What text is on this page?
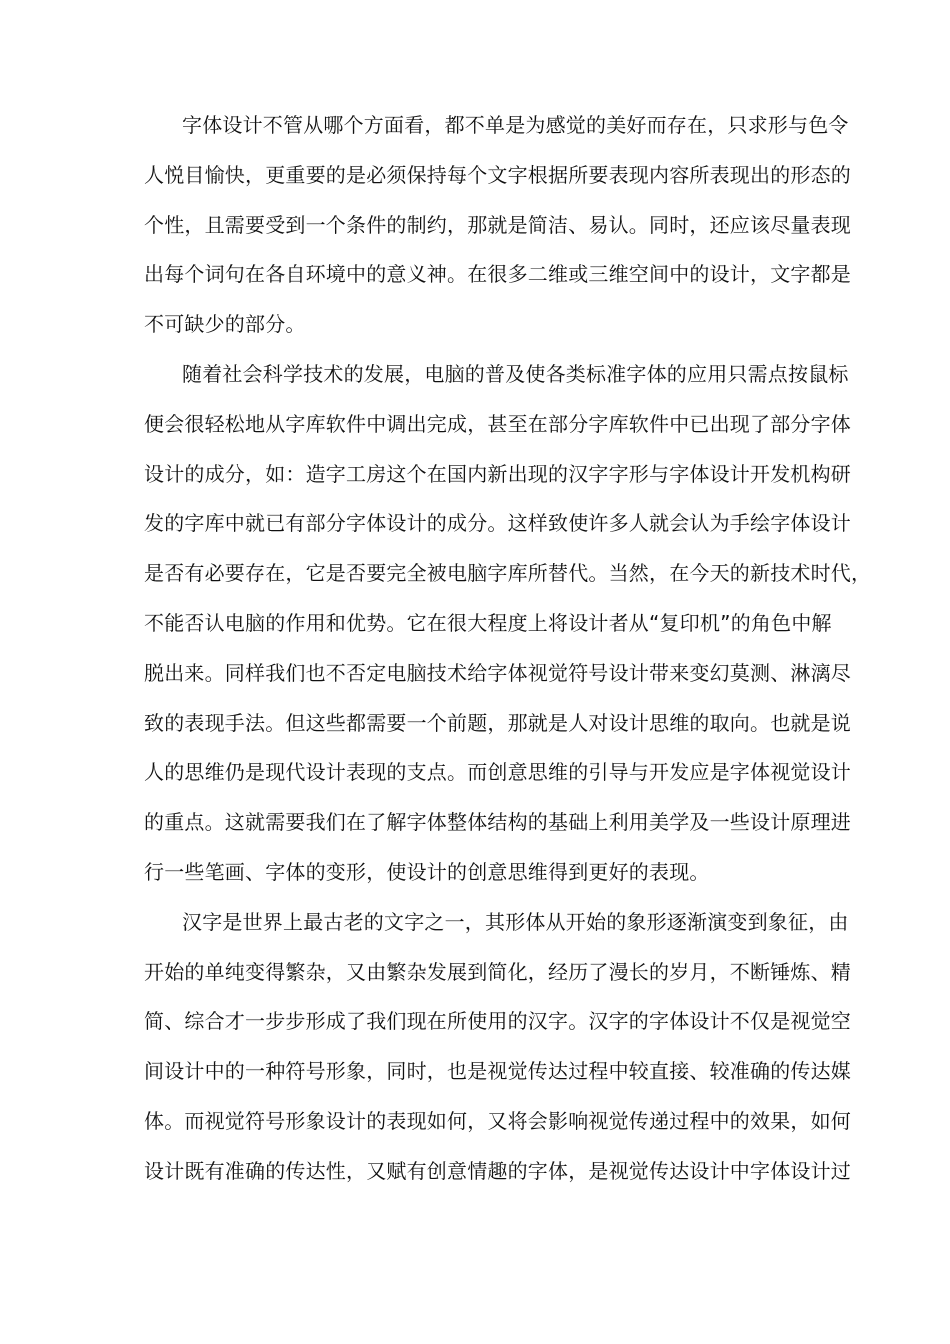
字体设计不管从哪个方面看，都不单是为感觉的美好而存在，只求形与色令
人悦目愉快，更重要的是必须保持每个文字根据所要表现内容所表现出的形态的
个性，且需要受到一个条件的制约，那就是简洁、易认。同时，还应该尽量表现
出每个词句在各自环境中的意义神。在很多二维或三维空间中的设计，文字都是
不可缺少的部分。
随着社会科学技术的发展，电脑的普及使各类标准字体的应用只需点按鼠标
便会很轻松地从字库软件中调出完成，甚至在部分字库软件中已出现了部分字体
设计的成分，如：造字工房这个在国内新出现的汉字字形与字体设计开发机构研
发的字库中就已有部分字体设计的成分。这样致使许多人就会认为手绘字体设计
是否有必要存在，它是否要完全被电脑字库所替代。当然，在今天的新技术时代，
不能否认电脑的作用和优势。它在很大程度上将设计者从“复印机”的角色中解
脱出来。同样我们也不否定电脑技术给字体视觉符号设计带来变幻莫测、淋漓尽
致的表现手法。但这些都需要一个前题，那就是人对设计思维的取向。也就是说
人的思维仍是现代设计表现的支点。而创意思维的引导与开发应是字体视觉设计
的重点。这就需要我们在了解字体整体结构的基础上利用美学及一些设计原理进
行一些笔画、字体的变形，使设计的创意思维得到更好的表现。
汉字是世界上最古老的文字之一，其形体从开始的象形逐渐演变到象征，由
开始的单纯变得繁杂，又由繁杂发展到简化，经历了漫长的岁月，不断锤炼、精
简、综合才一步步形成了我们现在所使用的汉字。汉字的字体设计不仅是视觉空
间设计中的一种符号形象，同时，也是视觉传达过程中较直接、较准确的传达媒
体。而视觉符号形象设计的表现如何，又将会影响视觉传递过程中的效果，如何
设计既有准确的传达性，又赋有创意情趣的字体，是视觉传达设计中字体设计过
